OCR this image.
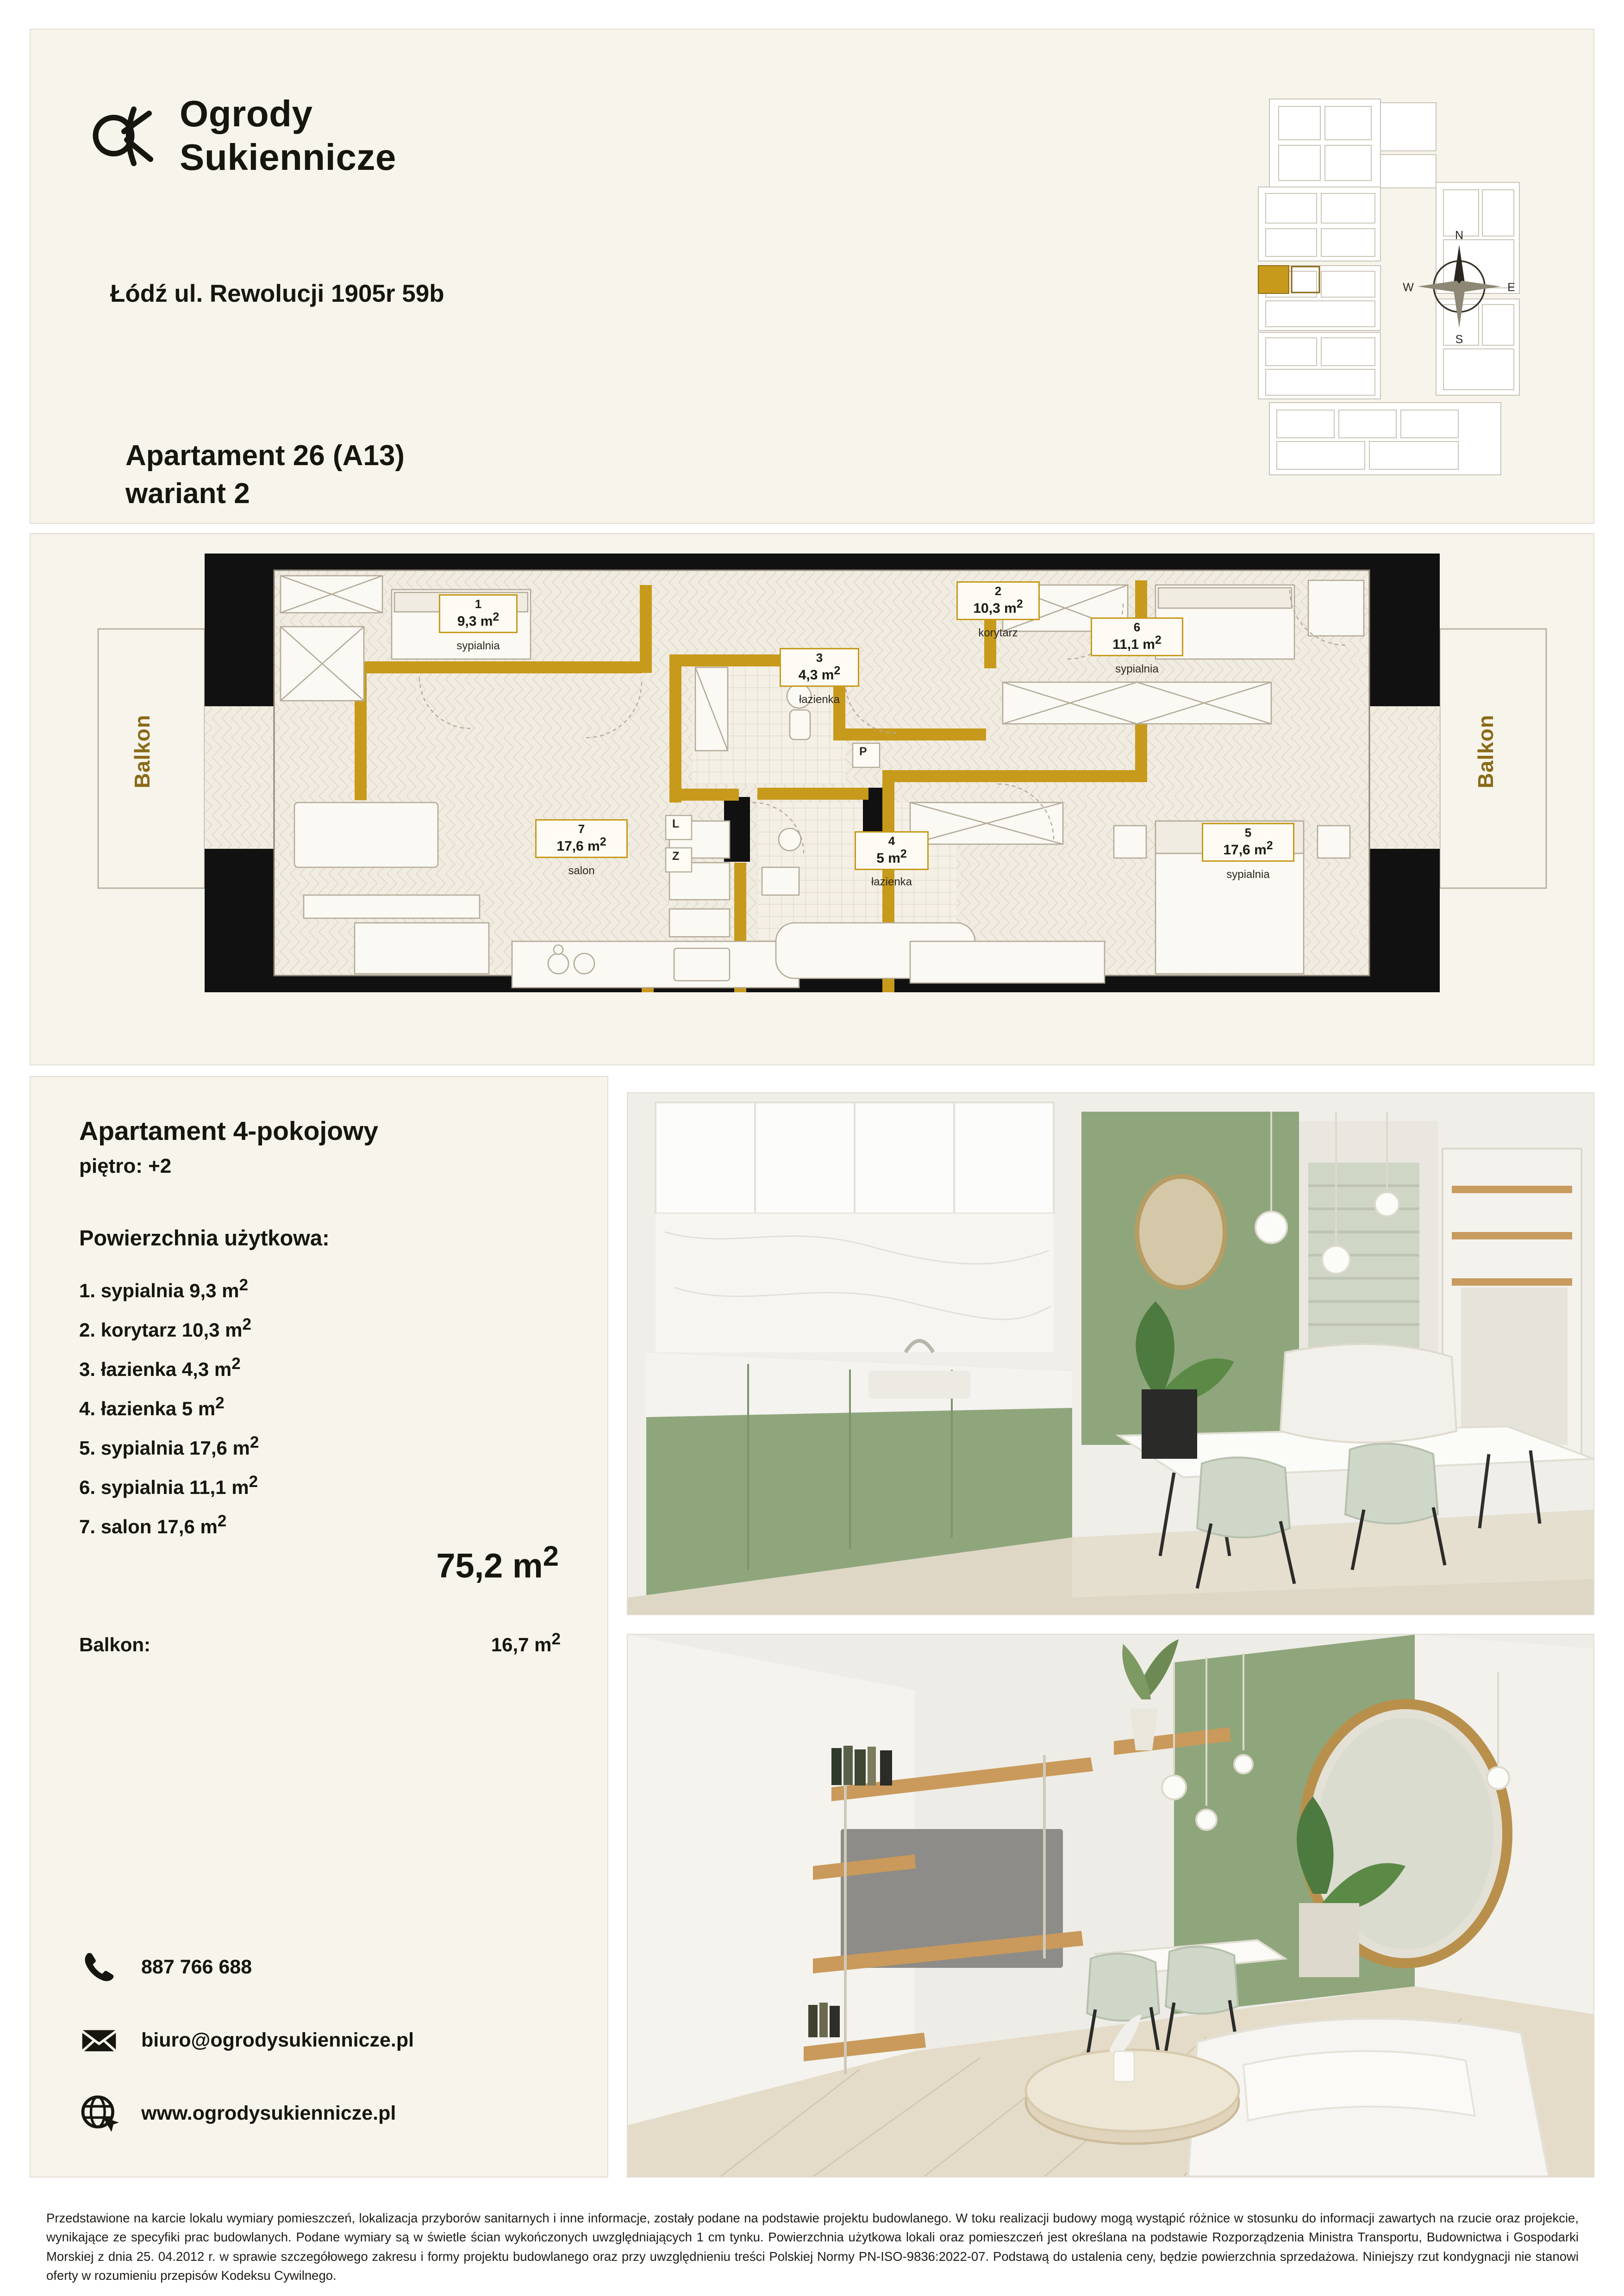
Ogrody
Sukiennicze
Łódź ul. Rewolucji 1905r 59b
Apartament 26 (A13)
wariant 2
N
E
S
W
Balkon	Balkon
P
L
Z
1
9,3 $m^2$
sypialnia
2
10,3 $m^2$
korytarz
3
4,3 $m^2$
łazienka
4
5 $m^2$
łazienka
5
17,6 $m^2$
sypialnia
6
11,1 $m^2$
sypialnia
7
17,6 $m^2$
salon
Apartament 4-pokojowy
piętro: +2
Powierzchnia użytkowa:
1. sypialnia 9,3 $m^2$
2. korytarz 10,3 $m^2$
3. łazienka 4,3 $m^2$
4. łazienka 5 $m^2$
5. sypialnia 17,6 $m^2$
6. sypialnia 11,1 $m^2$
7. salon 17,6 $m^2$
75,2 $m^2$
Balkon:	16,7 $m^2$
887 766 688
biuro@ogrodysukiennicze.pl
www.ogrodysukiennicze.pl
Przedstawione na karcie lokalu wymiary pomieszczeń, lokalizacja przyborów sanitarnych i inne informacje, zostały podane na podstawie projektu budowlanego. W toku realizacji budowy mogą wystąpić różnice w stosunku do informacji zawartych na rzucie oraz projekcie, wynikające ze specyfiki prac budowlanych. Podane wymiary są w świetle ścian wykończonych uwzględniających 1 cm tynku. Powierzchnia użytkowa lokali oraz pomieszczeń jest określana na podstawie Rozporządzenia Ministra Transportu, Budownictwa i Gospodarki Morskiej z dnia 25. 04.2012 r. w sprawie szczegółowego zakresu i formy projektu budowlanego oraz przy uwzględnieniu treści Polskiej Normy PN-ISO-9836:2022-07. Podstawą do ustalenia ceny, będzie powierzchnia sprzedażowa. Niniejszy rzut kondygnacji nie stanowi oferty w rozumieniu przepisów Kodeksu Cywilnego.
